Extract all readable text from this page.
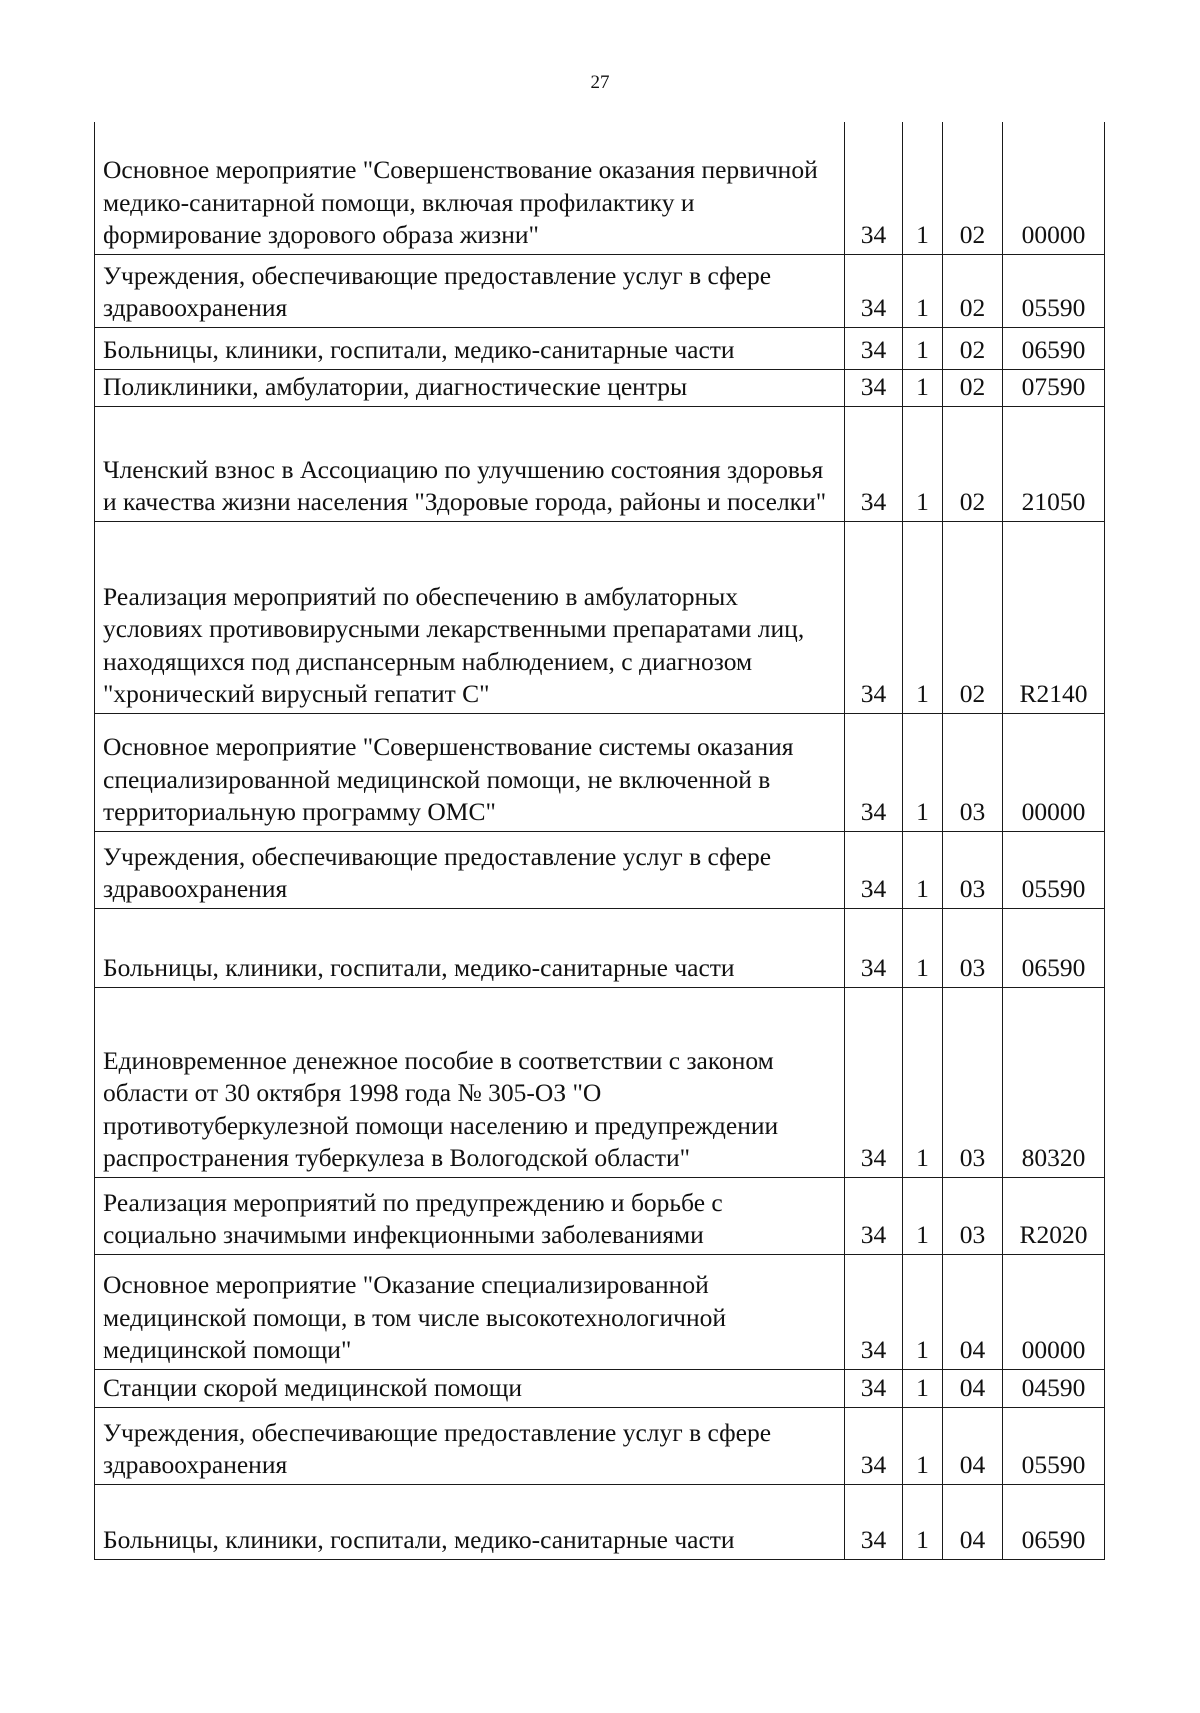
27
Основное мероприятие "Совершенствование оказания первичной медико-санитарной помощи, включая профилактику и формирование здорового образа жизни"	34	1	02	00000
Учреждения, обеспечивающие предоставление услуг в сфере здравоохранения	34	1	02	05590
Больницы, клиники, госпитали, медико-санитарные части	34	1	02	06590
Поликлиники, амбулатории, диагностические центры	34	1	02	07590
Членский взнос в Ассоциацию по улучшению состояния здоровья и качества жизни населения "Здоровые города, районы и поселки"	34	1	02	21050
Реализация мероприятий по обеспечению в амбулаторных условиях противовирусными лекарственными препаратами лиц, находящихся под диспансерным наблюдением, с диагнозом "хронический вирусный гепатит С"	34	1	02	R2140
Основное мероприятие "Совершенствование системы оказания специализированной медицинской помощи, не включенной в территориальную программу ОМС"	34	1	03	00000
Учреждения, обеспечивающие предоставление услуг в сфере здравоохранения	34	1	03	05590
Больницы, клиники, госпитали, медико-санитарные части	34	1	03	06590
Единовременное денежное пособие в соответствии с законом области от 30 октября 1998 года № 305-ОЗ "О противотуберкулезной помощи населению и предупреждении распространения туберкулеза в Вологодской области"	34	1	03	80320
Реализация мероприятий по предупреждению и борьбе с социально значимыми инфекционными заболеваниями	34	1	03	R2020
Основное мероприятие "Оказание специализированной медицинской помощи, в том числе высокотехнологичной медицинской помощи"	34	1	04	00000
Станции скорой медицинской помощи	34	1	04	04590
Учреждения, обеспечивающие предоставление услуг в сфере здравоохранения	34	1	04	05590
Больницы, клиники, госпитали, медико-санитарные части	34	1	04	06590
